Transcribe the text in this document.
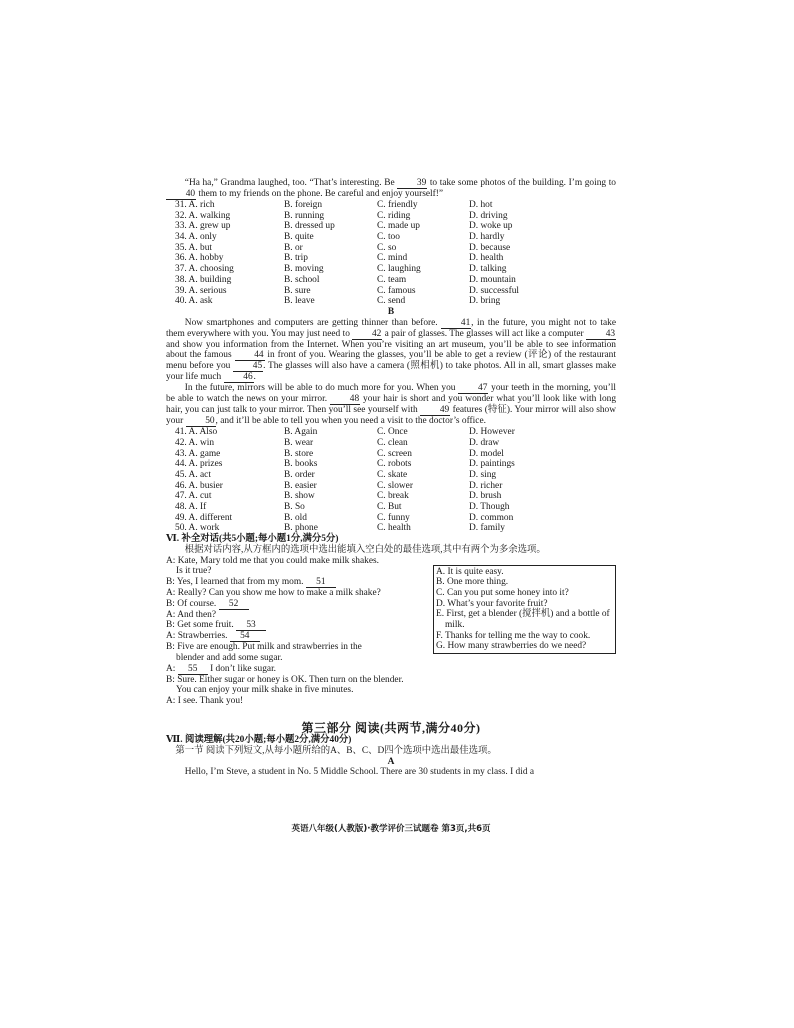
“Ha ha,” Grandma laughed, too. “That’s interesting. Be 39 to take some photos of the building. I’m going to 40 them to my friends on the phone. Be careful and enjoy yourself!”

31. A. rich	B. foreign	C. friendly	D. hot
32. A. walking	B. running	C. riding	D. driving
33. A. grew up	B. dressed up	C. made up	D. woke up
34. A. only	B. quite	C. too	D. hardly
35. A. but	B. or	C. so	D. because
36. A. hobby	B. trip	C. mind	D. health
37. A. choosing	B. moving	C. laughing	D. talking
38. A. building	B. school	C. team	D. mountain
39. A. serious	B. sure	C. famous	D. successful
40. A. ask	B. leave	C. send	D. bring

B

Now smartphones and computers are getting thinner than before. 41, in the future, you might not to take them everywhere with you. You may just need to 42 a pair of glasses. The glasses will act like a computer 43 and show you information from the Internet. When you’re visiting an art museum, you’ll be able to see information about the famous 44 in front of you. Wearing the glasses, you’ll be able to get a review (评论) of the restaurant menu before you 45. The glasses will also have a camera (照相机) to take photos. All in all, smart glasses make your life much 46.

In the future, mirrors will be able to do much more for you. When you 47 your teeth in the morning, you’ll be able to watch the news on your mirror. 48 your hair is short and you wonder what you’ll look like with long hair, you can just talk to your mirror. Then you’ll see yourself with 49 features (特征). Your mirror will also show your 50, and it’ll be able to tell you when you need a visit to the doctor’s office.

41. A. Also	B. Again	C. Once	D. However
42. A. win	B. wear	C. clean	D. draw
43. A. game	B. store	C. screen	D. model
44. A. prizes	B. books	C. robots	D. paintings
45. A. act	B. order	C. skate	D. sing
46. A. busier	B. easier	C. slower	D. richer
47. A. cut	B. show	C. break	D. brush
48. A. If	B. So	C. But	D. Though
49. A. different	B. old	C. funny	D. common
50. A. work	B. phone	C. health	D. family

Ⅵ. 补全对话(共5小题;每小题1分,满分5分)

根据对话内容,从方框内的选项中选出能填入空白处的最佳选项,其中有两个为多余选项。

A: Kate, Mary told me that you could make milk shakes.

Is it true?

B: Yes, I learned that from my mom. 51

A: Really? Can you show me how to make a milk shake?

B: Of course. 52

A: And then?

B: Get some fruit. 53

A: Strawberries. 54

B: Five are enough. Put milk and strawberries in the

blender and add some sugar.

A: 55 I don’t like sugar.

B: Sure. Either sugar or honey is OK. Then turn on the blender.

You can enjoy your milk shake in five minutes.

A: I see. Thank you!

A. It is quite easy.

B. One more thing.

C. Can you put some honey into it?

D. What’s your favorite fruit?

E. First, get a blender (搅拌机) and a bottle of milk.

F. Thanks for telling me the way to cook.

G. How many strawberries do we need?

第三部分 阅读(共两节,满分40分)

Ⅶ. 阅读理解(共20小题;每小题2分,满分40分)

第一节 阅读下列短文,从每小题所给的A、B、C、D四个选项中选出最佳选项。

A

Hello, I’m Steve, a student in No. 5 Middle School. There are 30 students in my class. I did a

英语八年级(人教版)·教学评价三试题卷 第3页,共6页
